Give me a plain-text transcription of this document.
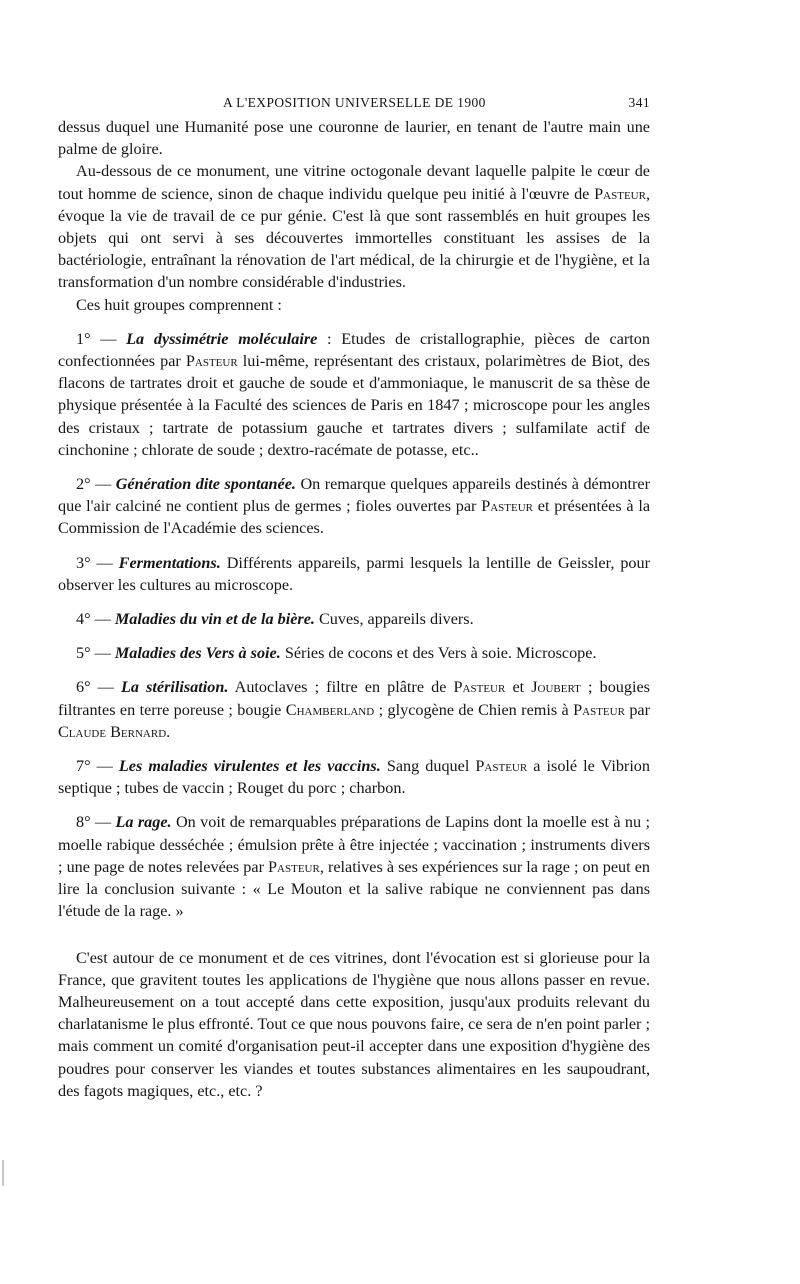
A L'EXPOSITION UNIVERSELLE DE 1900	341

dessus duquel une Humanité pose une couronne de laurier, en tenant de l'autre main une palme de gloire.

Au-dessous de ce monument, une vitrine octogonale devant laquelle palpite le cœur de tout homme de science, sinon de chaque individu quelque peu initié à l'œuvre de Pasteur, évoque la vie de travail de ce pur génie. C'est là que sont rassemblés en huit groupes les objets qui ont servi à ses découvertes immortelles constituant les assises de la bactériologie, entraînant la rénovation de l'art médical, de la chirurgie et de l'hygiène, et la transformation d'un nombre considérable d'industries.

Ces huit groupes comprennent :

1° — La dyssimétrie moléculaire : Etudes de cristallographie, pièces de carton confectionnées par Pasteur lui-même, représentant des cristaux, polarimètres de Biot, des flacons de tartrates droit et gauche de soude et d'ammoniaque, le manuscrit de sa thèse de physique présentée à la Faculté des sciences de Paris en 1847 ; microscope pour les angles des cristaux ; tartrate de potassium gauche et tartrates divers ; sulfamilate actif de cinchonine ; chlorate de soude ; dextro-racémate de potasse, etc..

2° — Génération dite spontanée. On remarque quelques appareils destinés à démontrer que l'air calciné ne contient plus de germes ; fioles ouvertes par Pasteur et présentées à la Commission de l'Académie des sciences.

3° — Fermentations. Différents appareils, parmi lesquels la lentille de Geissler, pour observer les cultures au microscope.

4° — Maladies du vin et de la bière. Cuves, appareils divers.

5° — Maladies des Vers à soie. Séries de cocons et des Vers à soie. Microscope.

6° — La stérilisation. Autoclaves ; filtre en plâtre de Pasteur et Joubert ; bougies filtrantes en terre poreuse ; bougie Chamberland ; glycogène de Chien remis à Pasteur par Claude Bernard.

7° — Les maladies virulentes et les vaccins. Sang duquel Pasteur a isolé le Vibrion septique ; tubes de vaccin ; Rouget du porc ; charbon.

8° — La rage. On voit de remarquables préparations de Lapins dont la moelle est à nu ; moelle rabique desséchée ; émulsion prête à être injectée ; vaccination ; instruments divers ; une page de notes relevées par Pasteur, relatives à ses expériences sur la rage ; on peut en lire la conclusion suivante : « Le Mouton et la salive rabique ne conviennent pas dans l'étude de la rage. »

C'est autour de ce monument et de ces vitrines, dont l'évocation est si glorieuse pour la France, que gravitent toutes les applications de l'hygiène que nous allons passer en revue. Malheureusement on a tout accepté dans cette exposition, jusqu'aux produits relevant du charlatanisme le plus effronté. Tout ce que nous pouvons faire, ce sera de n'en point parler ; mais comment un comité d'organisation peut-il accepter dans une exposition d'hygiène des poudres pour conserver les viandes et toutes substances alimentaires en les saupoudrant, des fagots magiques, etc., etc. ?
